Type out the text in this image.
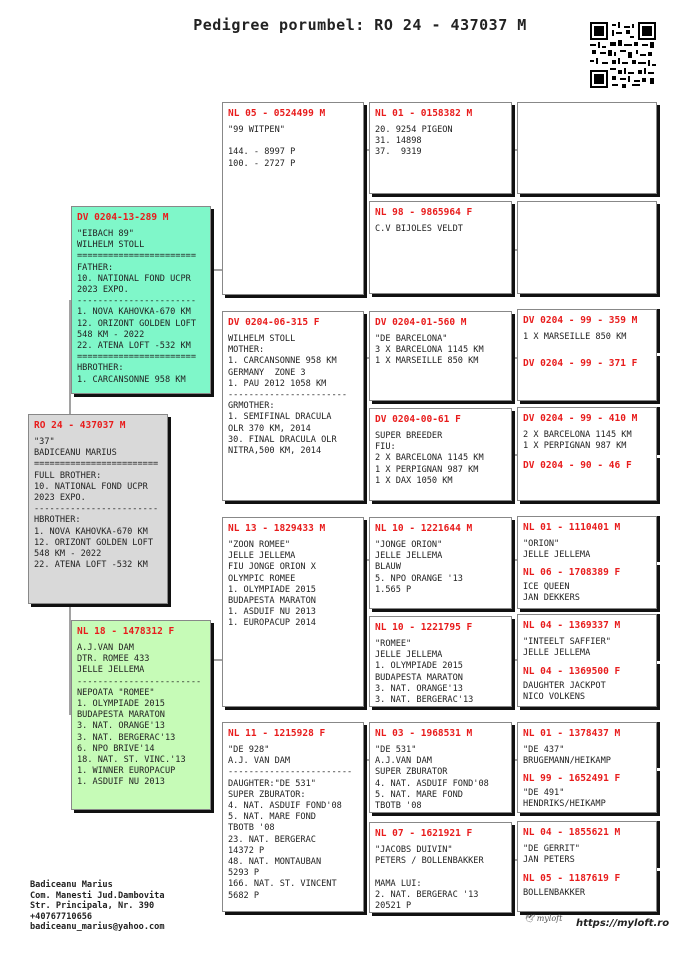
Pedigree porumbel: RO 24 - 437037 M
RO 24 - 437037 M
"37"
BADICEANU MARIUS
========================
FULL BROTHER:
10. NATIONAL FOND UCPR
2023 EXPO.
------------------------
HBROTHER:
1. NOVA KAHOVKA-670 KM
12. ORIZONT GOLDEN LOFT
548 KM - 2022
22. ATENA LOFT -532 KM
DV 0204-13-289 M
"EIBACH 89"
WILHELM STOLL
=======================
FATHER:
10. NATIONAL FOND UCPR
2023 EXPO.
-----------------------
1. NOVA KAHOVKA-670 KM
12. ORIZONT GOLDEN LOFT
548 KM - 2022
22. ATENA LOFT -532 KM
=======================
HBROTHER:
1. CARCANSONNE 958 KM
NL 18 - 1478312 F
A.J.VAN DAM
DTR. ROMEE 433
JELLE JELLEMA
------------------------
NEPOATA "ROMEE"
1. OLYMPIADE 2015
BUDAPESTA MARATON
3. NAT. ORANGE'13
3. NAT. BERGERAC'13
6. NPO BRIVE'14
18. NAT. ST. VINC.'13
1. WINNER EUROPACUP
1. ASDUIF NU 2013
NL 05 - 0524499 M
"99 WITPEN"

144. - 8997 P
100. - 2727 P
DV 0204-06-315 F
WILHELM STOLL
MOTHER:
1. CARCANSONNE 958 KM
GERMANY  ZONE 3
1. PAU 2012 1058 KM
-----------------------
GRMOTHER:
1. SEMIFINAL DRACULA
OLR 370 KM, 2014
30. FINAL DRACULA OLR
NITRA,500 KM, 2014
NL 13 - 1829433 M
"ZOON ROMEE"
JELLE JELLEMA
FIU JONGE ORION X
OLYMPIC ROMEE
1. OLYMPIADE 2015
BUDAPESTA MARATON
1. ASDUIF NU 2013
1. EUROPACUP 2014
NL 11 - 1215928 F
"DE 928"
A.J. VAN DAM
------------------------
DAUGHTER:"DE 531"
SUPER ZBURATOR:
4. NAT. ASDUIF FOND'08
5. NAT. MARE FOND
TBOTB '08
23. NAT. BERGERAC
14372 P
48. NAT. MONTAUBAN
5293 P
166. NAT. ST. VINCENT
5682 P
NL 01 - 0158382 M
20. 9254 PIGEON
31. 14898
37.  9319
NL 98 - 9865964 F
C.V BIJOLES VELDT
DV 0204-01-560 M
"DE BARCELONA"
3 X BARCELONA 1145 KM
1 X MARSEILLE 850 KM
DV 0204-00-61 F
SUPER BREEDER
FIU:
2 X BARCELONA 1145 KM
1 X PERPIGNAN 987 KM
1 X DAX 1050 KM
NL 10 - 1221644 M
"JONGE ORION"
JELLE JELLEMA
BLAUW
5. NPO ORANGE '13
1.565 P
NL 10 - 1221795 F
"ROMEE"
JELLE JELLEMA
1. OLYMPIADE 2015
BUDAPESTA MARATON
3. NAT. ORANGE'13
3. NAT. BERGERAC'13
NL 03 - 1968531 M
"DE 531"
A.J.VAN DAM
SUPER ZBURATOR
4. NAT. ASDUIF FOND'08
5. NAT. MARE FOND
TBOTB '08
NL 07 - 1621921 F
"JACOBS DUIVIN"
PETERS / BOLLENBAKKER

MAMA LUI:
2. NAT. BERGERAC '13
20521 P
DV 0204 - 99 - 359 M
1 X MARSEILLE 850 KM
DV 0204 - 99 - 371 F
DV 0204 - 99 - 410 M
2 X BARCELONA 1145 KM
1 X PERPIGNAN 987 KM
DV 0204 - 90 - 46 F
NL 01 - 1110401 M
"ORION"
JELLE JELLEMA
NL 06 - 1708389 F
ICE QUEEN
JAN DEKKERS
NL 04 - 1369337 M
"INTEELT SAFFIER"
JELLE JELLEMA
NL 04 - 1369500 F
DAUGHTER JACKPOT
NICO VOLKENS
NL 01 - 1378437 M
"DE 437"
BRUGEMANN/HEIKAMP
NL 99 - 1652491 F
"DE 491"
HENDRIKS/HEIKAMP
NL 04 - 1855621 M
"DE GERRIT"
JAN PETERS
NL 05 - 1187619 F
BOLLENBAKKER
Badiceanu Marius
Com. Manesti Jud.Dambovita
Str. Principala, Nr. 390
+40767710656
badiceanu_marius@yahoo.com
🕊 myloft https://myloft.ro
